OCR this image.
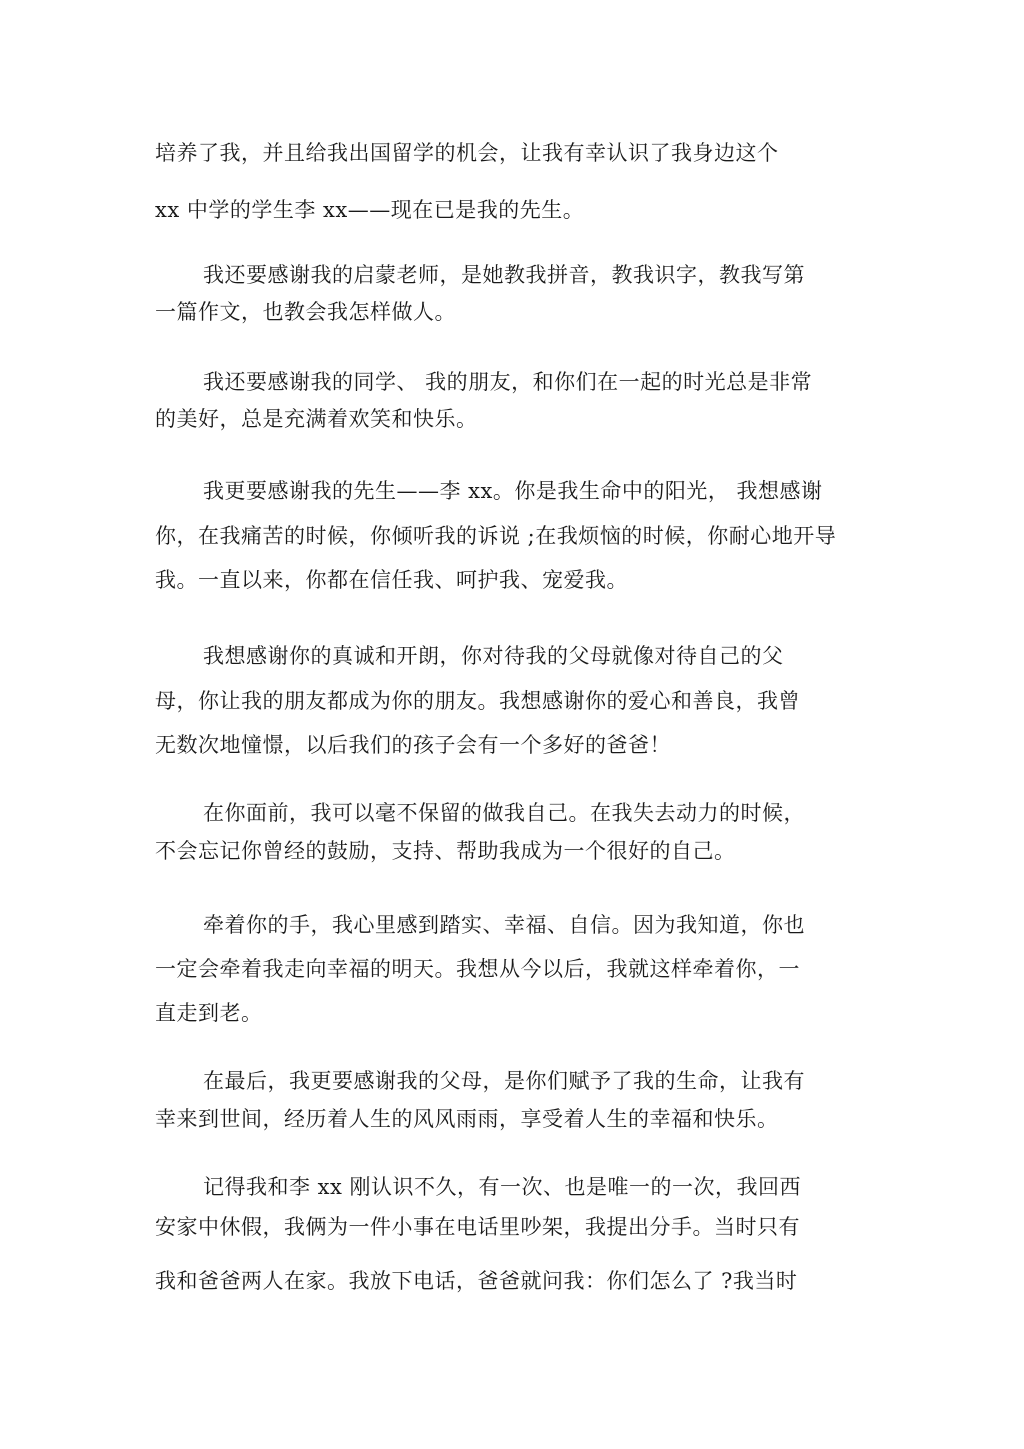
培养了我，并且给我出国留学的机会，让我有幸认识了我身边这个
xx 中学的学生李 xx——现在已是我的先生。
我还要感谢我的启蒙老师，是她教我拼音，教我识字，教我写第
一篇作文，也教会我怎样做人。
我还要感谢我的同学、 我的朋友，和你们在一起的时光总是非常
的美好，总是充满着欢笑和快乐。
我更要感谢我的先生——李 xx。你是我生命中的阳光， 我想感谢
你，在我痛苦的时候，你倾听我的诉说 ;在我烦恼的时候，你耐心地开导
我。一直以来，你都在信任我、呵护我、宠爱我。
我想感谢你的真诚和开朗，你对待我的父母就像对待自己的父
母，你让我的朋友都成为你的朋友。我想感谢你的爱心和善良，我曾
无数次地憧憬，以后我们的孩子会有一个多好的爸爸！
在你面前，我可以毫不保留的做我自己。在我失去动力的时候，
不会忘记你曾经的鼓励，支持、帮助我成为一个很好的自己。
牵着你的手，我心里感到踏实、幸福、自信。因为我知道，你也
一定会牵着我走向幸福的明天。我想从今以后，我就这样牵着你，一
直走到老。
在最后，我更要感谢我的父母，是你们赋予了我的生命，让我有
幸来到世间，经历着人生的风风雨雨，享受着人生的幸福和快乐。
记得我和李 xx 刚认识不久，有一次、也是唯一的一次，我回西
安家中休假，我俩为一件小事在电话里吵架，我提出分手。当时只有
我和爸爸两人在家。我放下电话，爸爸就问我：你们怎么了 ?我当时
